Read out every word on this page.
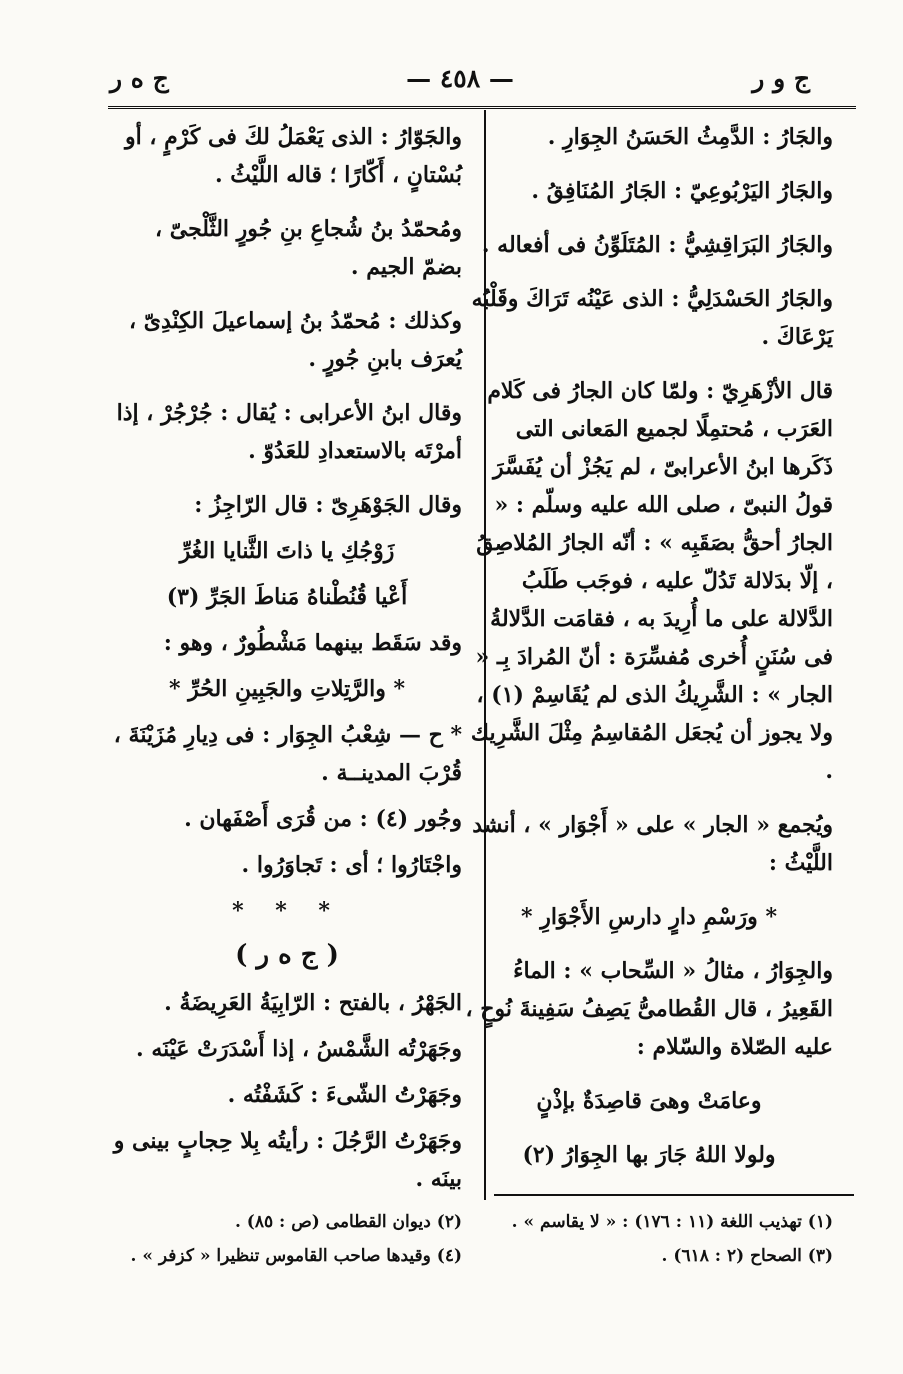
ج و ر
— ٤٥٨ —
ج ه ر

والجَارُ : الدَّمِثُ الحَسَنُ الجِوَارِ .

والجَارُ اليَرْبُوعِيّ : الجَارُ المُنَافِقُ .

والجَارُ البَرَاقِشِيُّ : المُتَلَوِّنُ فى أفعاله .

والجَارُ الحَسْدَلِيُّ : الذى عَيْنُه تَرَاكَ وقَلْبُه يَرْعَاكَ .

قال الأزْهَرِيّ : ولمّا كان الجارُ فى كَلام العَرَب ، مُحتمِلًا لجميع المَعانى التى ذَكَرها ابنُ الأعرابىّ ، لم يَجُزْ أن يُفَسَّرَ قولُ النبىّ ، صلى الله عليه وسلّم : « الجارُ أحقُّ بصَقَبِه » : أنّه الجارُ المُلاصِقُ ، إلّا بدَلالة تَدُلّ عليه ، فوجَب طَلَبُ الدَّلالة على ما أُرِيدَ به ، فقامَت الدَّلالةُ فى سُنَنٍ أُخرى مُفسِّرَة : أنّ المُرادَ بِـ « الجار » : الشَّرِيكُ الذى لم يُقَاسِمْ (١) ، ولا يجوز أن يُجعَل المُقاسِمُ مِثْلَ الشَّرِيك .

ويُجمع « الجار » على « أَجْوَار » ، أنشد اللَّيْثُ :

* ورَسْمِ دارٍ دارسِ الأَجْوَارِ *

والجِوَارُ ، مثالُ « السِّحاب » : الماءُ القَعِيرُ ، قال القُطامىُّ يَصِفُ سَفِينةَ نُوحٍ ، عليه الصّلاة والسّلام :

وعامَتْ وهىَ قاصِدَةٌ بإذْنٍ

ولولا اللهُ جَارَ بها الجِوَارُ (٢)

والجَوّارُ : الذى يَعْمَلُ لكَ فى كَرْمٍ ، أو بُسْتانٍ ، أَكّارًا ؛ قاله اللَّيْثُ .

ومُحمّدُ بنُ شُجاعِ بنِ جُورٍ الثَّلْجىّ ، بضمّ الجيم .

وكذلك : مُحمّدُ بنُ إسماعيلَ الكِنْدِىّ ، يُعرَف بابنِ جُورٍ .

وقال ابنُ الأعرابى : يُقال : جُرْجُرْ ، إذا أمرْتَه بالاستعدادِ للعَدُوّ .

وقال الجَوْهَرِىّ : قال الرّاجِزُ :

زَوْجُكِ يا ذاتَ الثَّنايا الغُرِّ

أَعْيا قُنُطْناهُ مَناطَ الجَرِّ (٣)

وقد سَقَط بينهما مَشْطُورٌ ، وهو :

* والرَّتِلاتِ والجَبِينِ الحُرِّ *

* ح — شِعْبُ الجِوَار : فى دِيارِ مُزَيْنَةَ ، قُرْبَ المدينــة .

وجُور (٤) : من قُرَى أَصْفَهان .

واجْتَارُوا ؛ أى : تَجاوَرُوا .

* * *
( ج ه ر )

الجَهْرُ ، بالفتح : الرّابِيَةُ العَرِيضَةُ .

وجَهَرْتُه الشَّمْسُ ، إذا أَسْدَرَتْ عَيْنَه .

وجَهَرْتُ الشّىءَ : كَشَفْتُه .

وجَهَرْتُ الرَّجُلَ : رأيتُه بِلا حِجابٍ بينى و بينَه .

(١) تهذيب اللغة (١١ : ١٧٦) : « لا يقاسم » .
(٣) الصحاح (٢ : ٦١٨) .
(٢) ديوان القطامى (ص : ٨٥) .
(٤) وقيدها صاحب القاموس تنظيرا « كزفر » .
